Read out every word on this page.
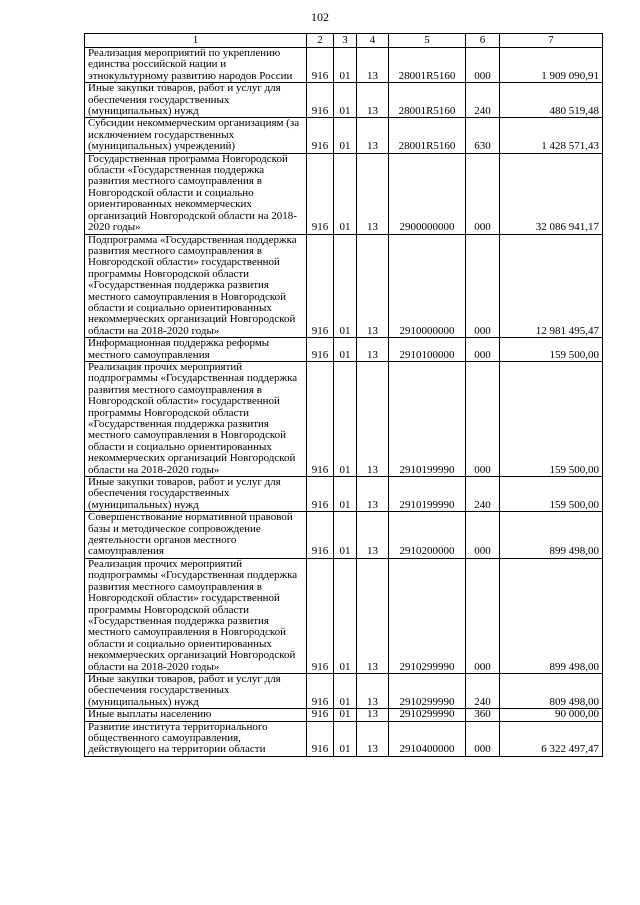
102
1	2	3	4	5	6	7
Реализация мероприятий по укреплению единства российской нации и этнокультурному развитию народов России	916	01	13	28001R5160	000	1 909 090,91
Иные закупки товаров, работ и услуг для обеспечения государственных (муниципальных) нужд	916	01	13	28001R5160	240	480 519,48
Субсидии некоммерческим организациям (за исключением государственных (муниципальных) учреждений)	916	01	13	28001R5160	630	1 428 571,43
Государственная программа Новгородской области «Государственная поддержка развития местного самоуправления в Новгородской области и социально ориентированных некоммерческих организаций Новгородской области на 2018-2020 годы»	916	01	13	2900000000	000	32 086 941,17
Подпрограмма «Государственная поддержка развития местного самоуправления в Новгородской области» государственной программы Новгородской области «Государственная поддержка развития местного самоуправления в Новгородской области и социально ориентированных некоммерческих организаций Новгородской области на 2018-2020 годы»	916	01	13	2910000000	000	12 981 495,47
Информационная поддержка реформы местного самоуправления	916	01	13	2910100000	000	159 500,00
Реализация прочих мероприятий подпрограммы «Государственная поддержка развития местного самоуправления в Новгородской области» государственной программы Новгородской области «Государственная поддержка развития местного самоуправления в Новгородской области и социально ориентированных некоммерческих организаций Новгородской области на 2018-2020 годы»	916	01	13	2910199990	000	159 500,00
Иные закупки товаров, работ и услуг для обеспечения государственных (муниципальных) нужд	916	01	13	2910199990	240	159 500,00
Совершенствование нормативной правовой базы и методическое сопровождение деятельности органов местного самоуправления	916	01	13	2910200000	000	899 498,00
Реализация прочих мероприятий подпрограммы «Государственная поддержка развития местного самоуправления в Новгородской области» государственной программы Новгородской области «Государственная поддержка развития местного самоуправления в Новгородской области и социально ориентированных некоммерческих организаций Новгородской области на 2018-2020 годы»	916	01	13	2910299990	000	899 498,00
Иные закупки товаров, работ и услуг для обеспечения государственных (муниципальных) нужд	916	01	13	2910299990	240	809 498,00
Иные выплаты населению	916	01	13	2910299990	360	90 000,00
Развитие института территориального общественного самоуправления, действующего на территории области	916	01	13	2910400000	000	6 322 497,47
